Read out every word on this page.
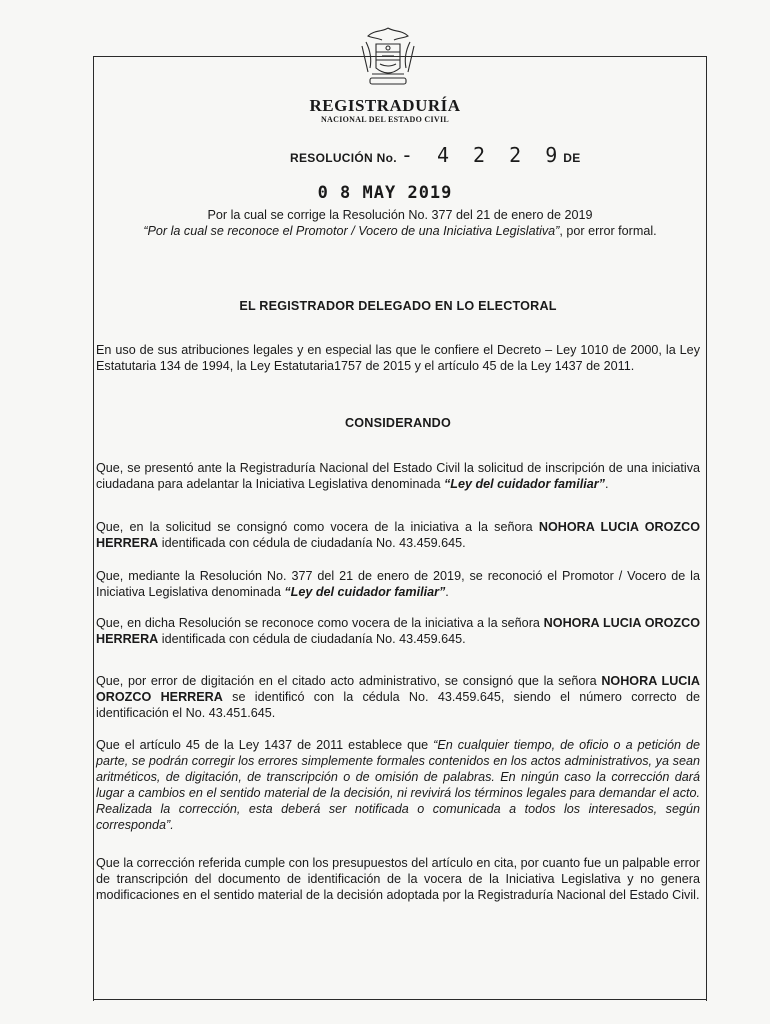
REGISTRADURÍA
NACIONAL DEL ESTADO CIVIL
RESOLUCIÓN No. - 4 2 2 9DE
0 8 MAY 2019
Por la cual se corrige la Resolución No. 377 del 21 de enero de 2019
“Por la cual se reconoce el Promotor / Vocero de una Iniciativa Legislativa”, por error formal.
EL REGISTRADOR DELEGADO EN LO ELECTORAL
En uso de sus atribuciones legales y en especial las que le confiere el Decreto – Ley 1010 de 2000, la Ley Estatutaria 134 de 1994, la Ley Estatutaria1757 de 2015 y el artículo 45 de la Ley 1437 de 2011.
CONSIDERANDO
Que, se presentó ante la Registraduría Nacional del Estado Civil la solicitud de inscripción de una iniciativa ciudadana para adelantar la Iniciativa Legislativa denominada “Ley del cuidador familiar”.
Que, en la solicitud se consignó como vocera de la iniciativa a la señora NOHORA LUCIA OROZCO HERRERA identificada con cédula de ciudadanía No. 43.459.645.
Que, mediante la Resolución No. 377 del 21 de enero de 2019, se reconoció el Promotor / Vocero de la Iniciativa Legislativa denominada “Ley del cuidador familiar”.
Que, en dicha Resolución se reconoce como vocera de la iniciativa a la señora NOHORA LUCIA OROZCO HERRERA identificada con cédula de ciudadanía No. 43.459.645.
Que, por error de digitación en el citado acto administrativo, se consignó que la señora NOHORA LUCIA OROZCO HERRERA se identificó con la cédula No. 43.459.645, siendo el número correcto de identificación el No. 43.451.645.
Que el artículo 45 de la Ley 1437 de 2011 establece que “En cualquier tiempo, de oficio o a petición de parte, se podrán corregir los errores simplemente formales contenidos en los actos administrativos, ya sean aritméticos, de digitación, de transcripción o de omisión de palabras. En ningún caso la corrección dará lugar a cambios en el sentido material de la decisión, ni revivirá los términos legales para demandar el acto. Realizada la corrección, esta deberá ser notificada o comunicada a todos los interesados, según corresponda”.
Que la corrección referida cumple con los presupuestos del artículo en cita, por cuanto fue un palpable error de transcripción del documento de identificación de la vocera de la Iniciativa Legislativa y no genera modificaciones en el sentido material de la decisión adoptada por la Registraduría Nacional del Estado Civil.
